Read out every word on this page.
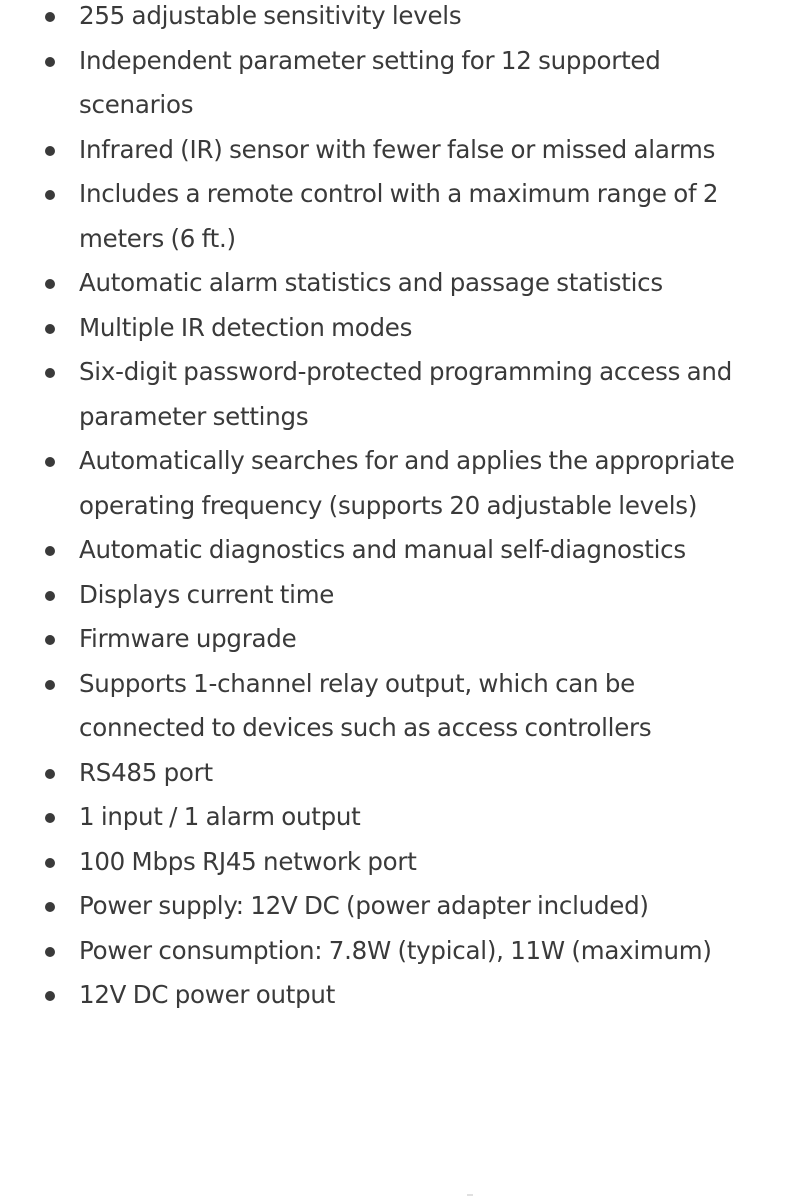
255 adjustable sensitivity levels
Independent parameter setting for 12 supported scenarios
Infrared (IR) sensor with fewer false or missed alarms
Includes a remote control with a maximum range of 2 meters (6 ft.)
Automatic alarm statistics and passage statistics
Multiple IR detection modes
Six-digit password-protected programming access and parameter settings
Automatically searches for and applies the appropriate operating frequency (supports 20 adjustable levels)
Automatic diagnostics and manual self-diagnostics
Displays current time
Firmware upgrade
Supports 1-channel relay output, which can be connected to devices such as access controllers
RS485 port
1 input / 1 alarm output
100 Mbps RJ45 network port
Power supply: 12V DC (power adapter included)
Power consumption: 7.8W (typical), 11W (maximum)
12V DC power output
